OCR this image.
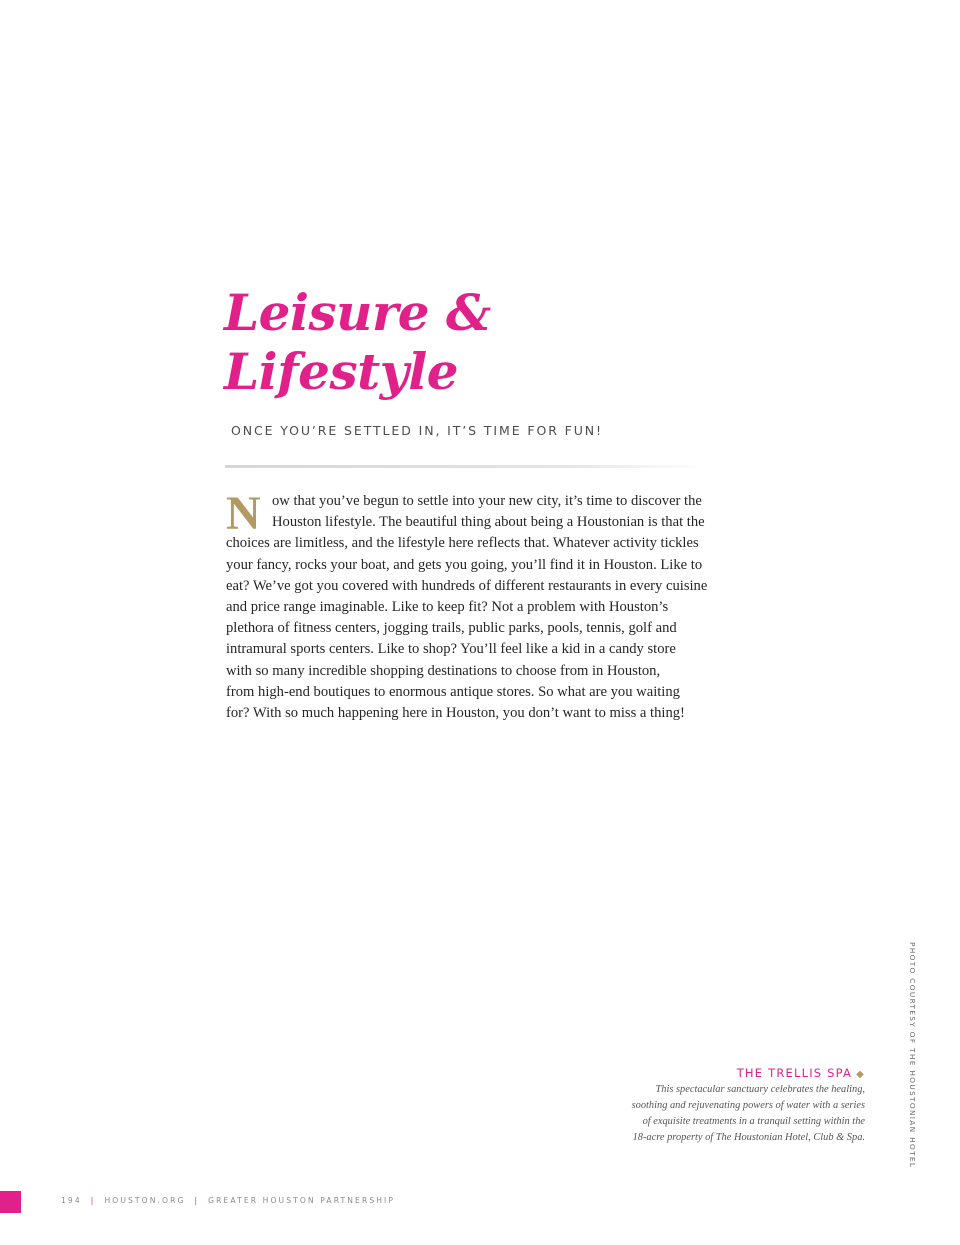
Leisure &
Lifestyle
ONCE YOU’RE SETTLED IN, IT’S TIME FOR FUN!
N ow that you’ve begun to settle into your new city, it’s time to discover the
Houston lifestyle. The beautiful thing about being a Houstonian is that the
choices are limitless, and the lifestyle here reflects that. Whatever activity tickles
your fancy, rocks your boat, and gets you going, you’ll find it in Houston. Like to
eat? We’ve got you covered with hundreds of different restaurants in every cuisine
and price range imaginable. Like to keep fit? Not a problem with Houston’s
plethora of fitness centers, jogging trails, public parks, pools, tennis, golf and
intramural sports centers. Like to shop? You’ll feel like a kid in a candy store
with so many incredible shopping destinations to choose from in Houston,
from high-end boutiques to enormous antique stores. So what are you waiting
for? With so much happening here in Houston, you don’t want to miss a thing!

PHOTO COURTESY OF THE HOUSTONIAN HOTEL
THE TRELLIS SPA ◆
This spectacular sanctuary celebrates the healing,
soothing and rejuvenating powers of water with a series
of exquisite treatments in a tranquil setting within the
18-acre property of The Houstonian Hotel, Club & Spa.
194 | HOUSTON.ORG | GREATER HOUSTON PARTNERSHIP
